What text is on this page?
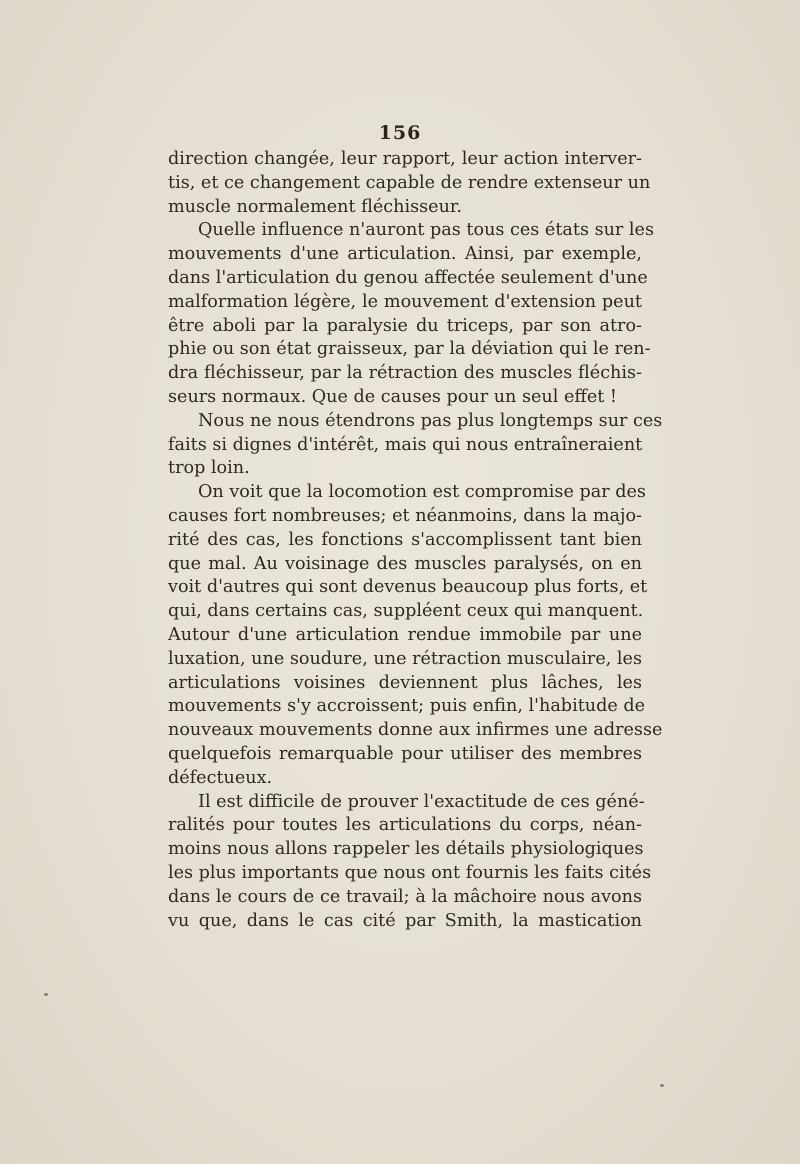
156
direction changée, leur rapport, leur action interver-
tis, et ce changement capable de rendre extenseur un
muscle normalement fléchisseur.
Quelle influence n'auront pas tous ces états sur les
mouvements d'une articulation. Ainsi, par exemple,
dans l'articulation du genou affectée seulement d'une
malformation légère, le mouvement d'extension peut
être aboli par la paralysie du triceps, par son atro-
phie ou son état graisseux, par la déviation qui le ren-
dra fléchisseur, par la rétraction des muscles fléchis-
seurs normaux. Que de causes pour un seul effet !
Nous ne nous étendrons pas plus longtemps sur ces
faits si dignes d'intérêt, mais qui nous entraîneraient
trop loin.
On voit que la locomotion est compromise par des
causes fort nombreuses; et néanmoins, dans la majo-
rité des cas, les fonctions s'accomplissent tant bien
que mal. Au voisinage des muscles paralysés, on en
voit d'autres qui sont devenus beaucoup plus forts, et
qui, dans certains cas, suppléent ceux qui manquent.
Autour d'une articulation rendue immobile par une
luxation, une soudure, une rétraction musculaire, les
articulations voisines deviennent plus lâches, les
mouvements s'y accroissent; puis enfin, l'habitude de
nouveaux mouvements donne aux infirmes une adresse
quelquefois remarquable pour utiliser des membres
défectueux.
Il est difficile de prouver l'exactitude de ces géné-
ralités pour toutes les articulations du corps, néan-
moins nous allons rappeler les détails physiologiques
les plus importants que nous ont fournis les faits cités
dans le cours de ce travail; à la mâchoire nous avons
vu que, dans le cas cité par Smith, la mastication
